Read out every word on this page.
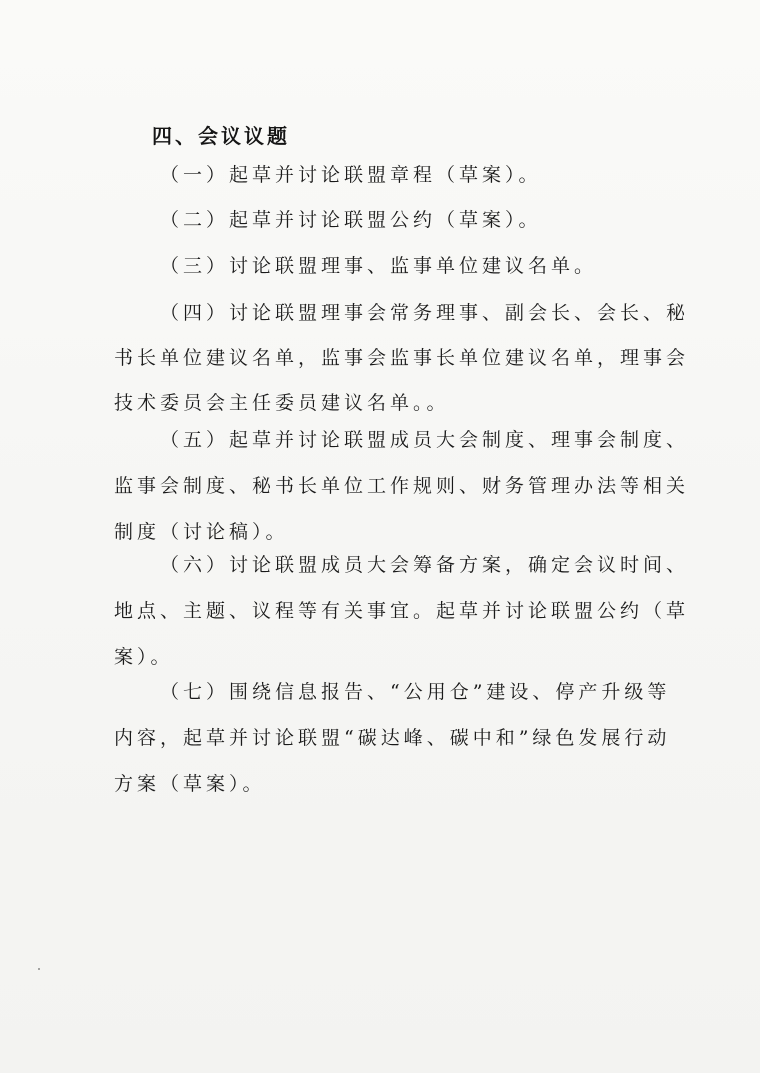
四、会议议题
（一）起草并讨论联盟章程（草案）。
（二）起草并讨论联盟公约（草案）。
（三）讨论联盟理事、监事单位建议名单。
（四）讨论联盟理事会常务理事、副会长、会长、秘
书长单位建议名单，监事会监事长单位建议名单，理事会
技术委员会主任委员建议名单。。
（五）起草并讨论联盟成员大会制度、理事会制度、
监事会制度、秘书长单位工作规则、财务管理办法等相关
制度（讨论稿）。
（六）讨论联盟成员大会筹备方案，确定会议时间、
地点、主题、议程等有关事宜。起草并讨论联盟公约（草
案）。
（七）围绕信息报告、“公用仓”建设、停产升级等
内容，起草并讨论联盟“碳达峰、碳中和”绿色发展行动
方案（草案）。
